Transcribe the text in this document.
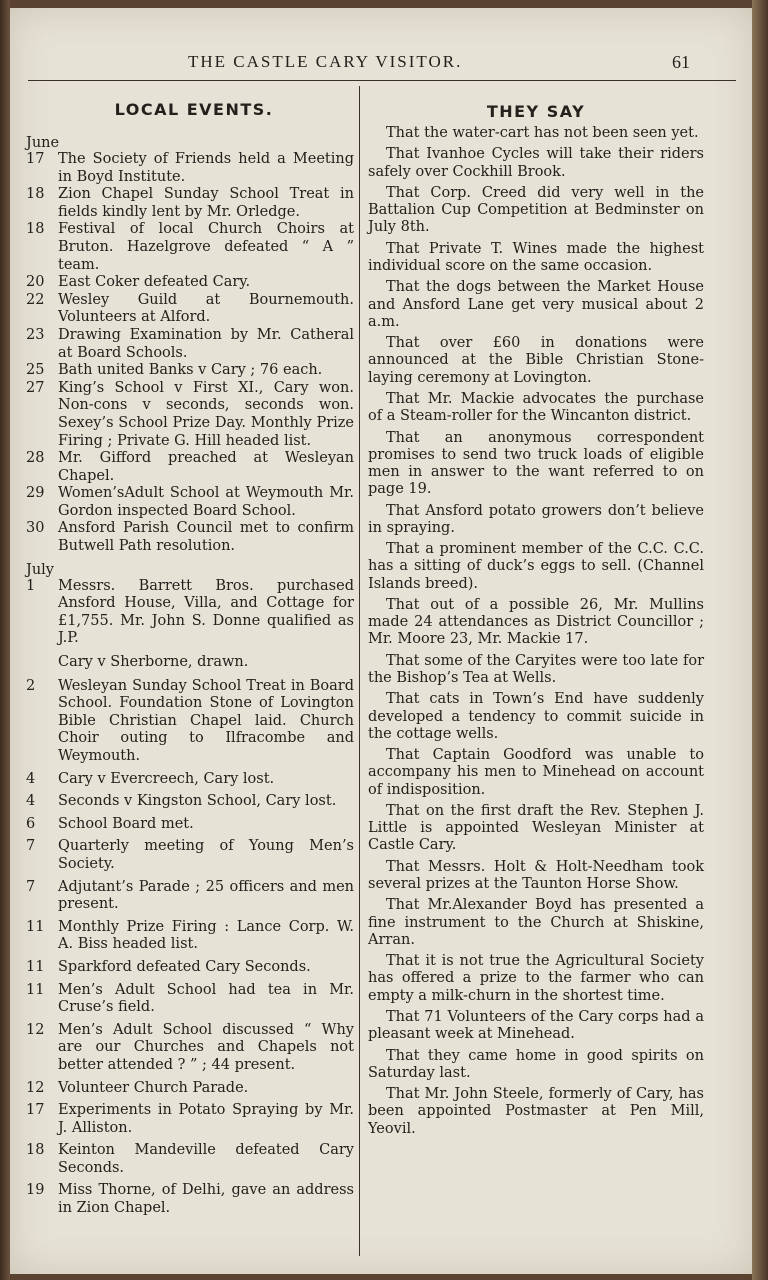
THE CASTLE CARY VISITOR.	61
LOCAL EVENTS.
June
17 The Society of Friends held a Meeting in Boyd Institute.
18 Zion Chapel Sunday School Treat in fields kindly lent by Mr. Orledge.
18 Festival of local Church Choirs at Bruton. Hazelgrove defeated “ A ” team.
20 East Coker defeated Cary.
22 Wesley Guild at Bournemouth. Volunteers at Alford.
23 Drawing Examination by Mr. Catheral at Board Schools.
25 Bath united Banks v Cary ; 76 each.
27 King’s School v First XI., Cary won. Non-cons v seconds, seconds won. Sexey’s School Prize Day. Monthly Prize Firing ; Private G. Hill headed list.
28 Mr. Gifford preached at Wesleyan Chapel.
29 Women’sAdult School at Weymouth Mr. Gordon inspected Board School.
30 Ansford Parish Council met to confirm Butwell Path resolution.
July
1	Messrs. Barrett Bros. purchased Ansford House, Villa, and Cottage for £1,755. Mr. John S. Donne qualified as J.P.
Cary v Sherborne, drawn.
2	Wesleyan Sunday School Treat in Board School. Foundation Stone of Lovington Bible Christian Chapel laid. Church Choir outing to Ilfracombe and Weymouth.
4	Cary v Evercreech, Cary lost.
4	Seconds v Kingston School, Cary lost.
6	School Board met.
7	Quarterly meeting of Young Men’s Society.
7	Adjutant’s Parade ; 25 officers and men present.
11 Monthly Prize Firing : Lance Corp. W. A. Biss headed list.
11 Sparkford defeated Cary Seconds.
11 Men’s Adult School had tea in Mr. Cruse’s field.
12 Men’s Adult School discussed “ Why are our Churches and Chapels not better attended ? ” ; 44 present.
12 Volunteer Church Parade.
17 Experiments in Potato Spraying by Mr. J. Alliston.
18 Keinton Mandeville defeated Cary Seconds.
19 Miss Thorne, of Delhi, gave an address in Zion Chapel.
THEY SAY

That the water-cart has not been seen yet.

That Ivanhoe Cycles will take their riders safely over Cockhill Brook.

That Corp. Creed did very well in the Battalion Cup Competition at Bedminster on July 8th.

That Private T. Wines made the highest individual score on the same occasion.

That the dogs between the Market House and Ansford Lane get very musical about 2 a.m.

That over £60 in donations were announced at the Bible Christian Stone-laying ceremony at Lovington.

That Mr. Mackie advocates the purchase of a Steam-roller for the Wincanton district.

That an anonymous correspondent promises to send two truck loads of eligible men in answer to the want referred to on page 19.

That Ansford potato growers don’t believe in spraying.

That a prominent member of the C.C. C.C. has a sitting of duck’s eggs to sell. (Channel Islands breed).

That out of a possible 26, Mr. Mullins made 24 attendances as District Councillor ; Mr. Moore 23, Mr. Mackie 17.

That some of the Caryites were too late for the Bishop’s Tea at Wells.

That cats in Town’s End have suddenly developed a tendency to commit suicide in the cottage wells.

That Captain Goodford was unable to accompany his men to Minehead on account of indisposition.

That on the first draft the Rev. Stephen J. Little is appointed Wesleyan Minister at Castle Cary.

That Messrs. Holt & Holt-Needham took several prizes at the Taunton Horse Show.

That Mr.Alexander Boyd has presented a fine instrument to the Church at Shiskine, Arran.

That it is not true the Agricultural Society has offered a prize to the farmer who can empty a milk-churn in the shortest time.

That 71 Volunteers of the Cary corps had a pleasant week at Minehead.

That they came home in good spirits on Saturday last.

That Mr. John Steele, formerly of Cary, has been appointed Postmaster at Pen Mill, Yeovil.
